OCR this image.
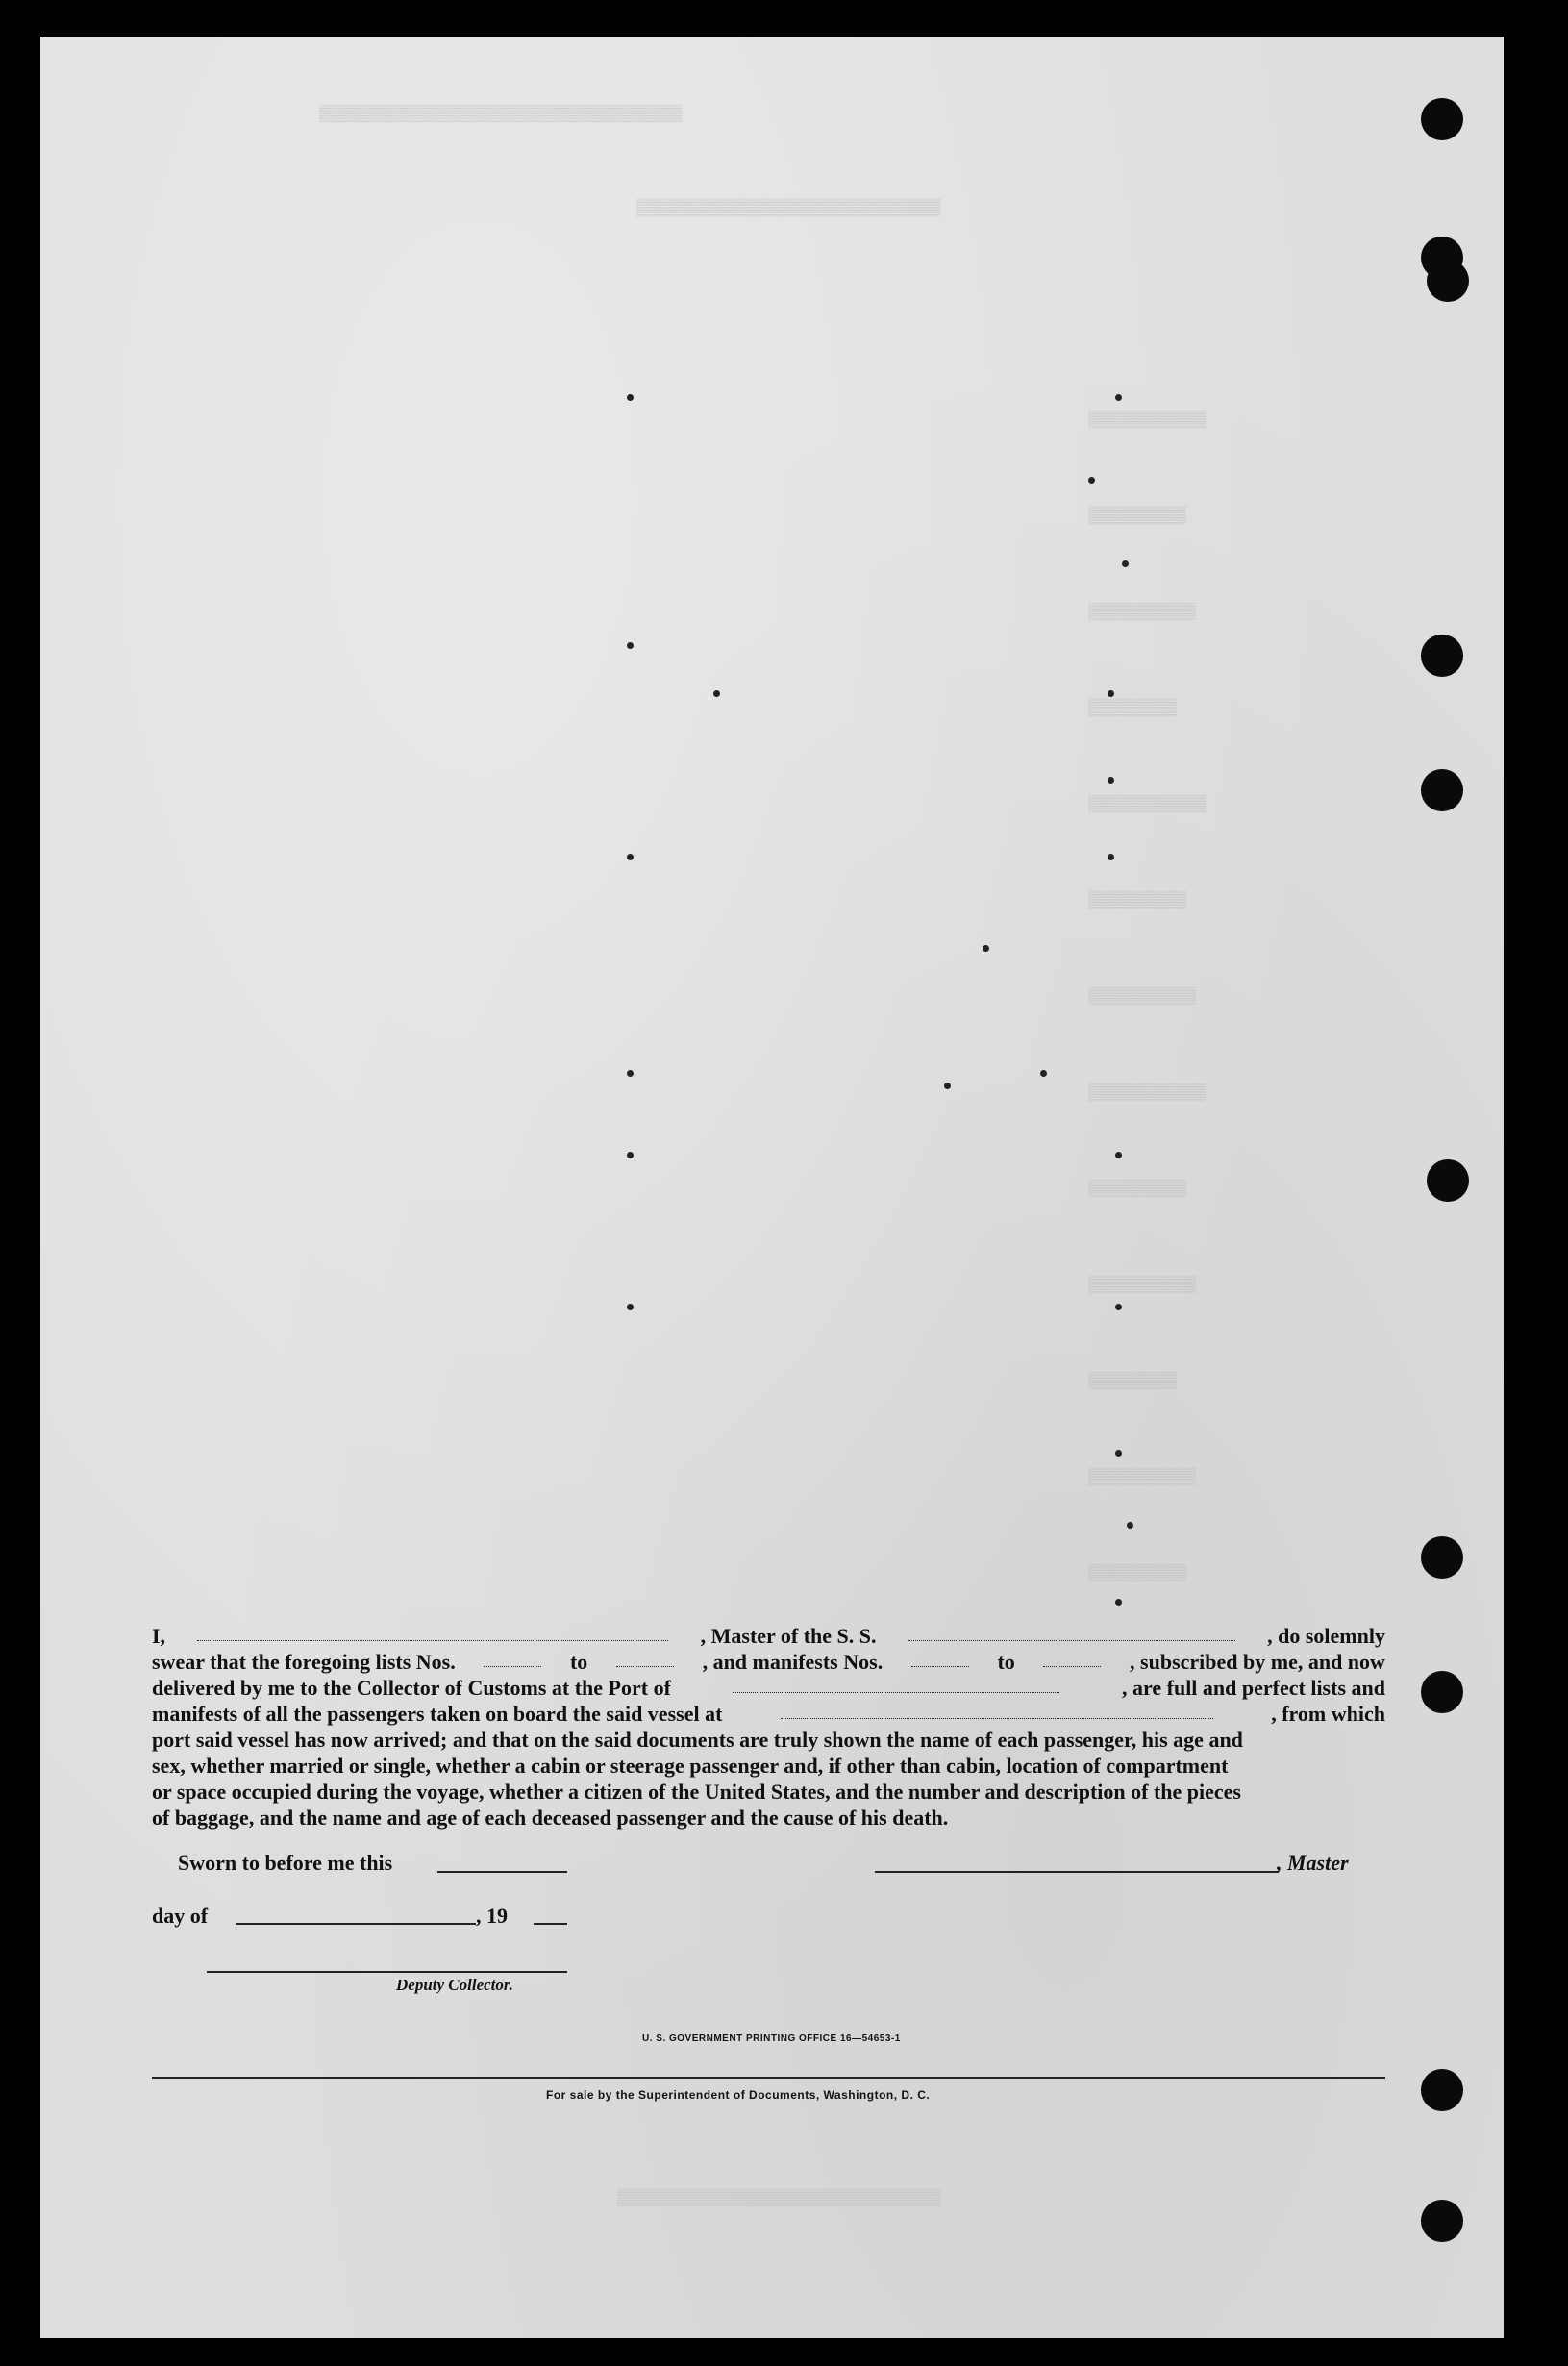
▒▒▒▒▒▒▒▒▒▒▒▒▒▒▒▒▒▒▒▒▒▒▒▒▒▒▒▒▒▒▒▒▒▒▒▒▒
▒▒▒▒▒▒▒▒▒▒▒▒▒▒▒▒▒▒▒▒▒▒▒▒▒▒▒▒▒▒▒
▒▒▒▒▒▒▒▒▒▒▒▒
▒▒▒▒▒▒▒▒▒▒
▒▒▒▒▒▒▒▒▒▒▒
▒▒▒▒▒▒▒▒▒
▒▒▒▒▒▒▒▒▒▒▒▒
▒▒▒▒▒▒▒▒▒▒
▒▒▒▒▒▒▒▒▒▒▒
▒▒▒▒▒▒▒▒▒▒▒▒
▒▒▒▒▒▒▒▒▒▒
▒▒▒▒▒▒▒▒▒▒▒
▒▒▒▒▒▒▒▒▒
▒▒▒▒▒▒▒▒▒▒▒
▒▒▒▒▒▒▒▒▒▒
▒▒▒▒▒▒▒▒▒▒▒▒▒▒▒▒▒▒▒▒▒▒▒▒▒▒▒▒▒▒▒▒▒
I,	, Master of the S. S.	, do solemnly
swear that the foregoing lists Nos.	to	, and manifests Nos.	to	, subscribed by me, and now
delivered by me to the Collector of Customs at the Port of	, are full and perfect lists and
manifests of all the passengers taken on board the said vessel at	, from which
port said vessel has now arrived; and that on the said documents are truly shown the name of each passenger, his age and
sex, whether married or single, whether a cabin or steerage passenger and, if other than cabin, location of compartment
or space occupied during the voyage, whether a citizen of the United States, and the number and description of the pieces
of baggage, and the name and age of each deceased passenger and the cause of his death.
Sworn to before me this	, Master
day of	, 19
Deputy Collector.
U. S. GOVERNMENT PRINTING OFFICE 16—54653-1
For sale by the Superintendent of Documents, Washington, D. C.
